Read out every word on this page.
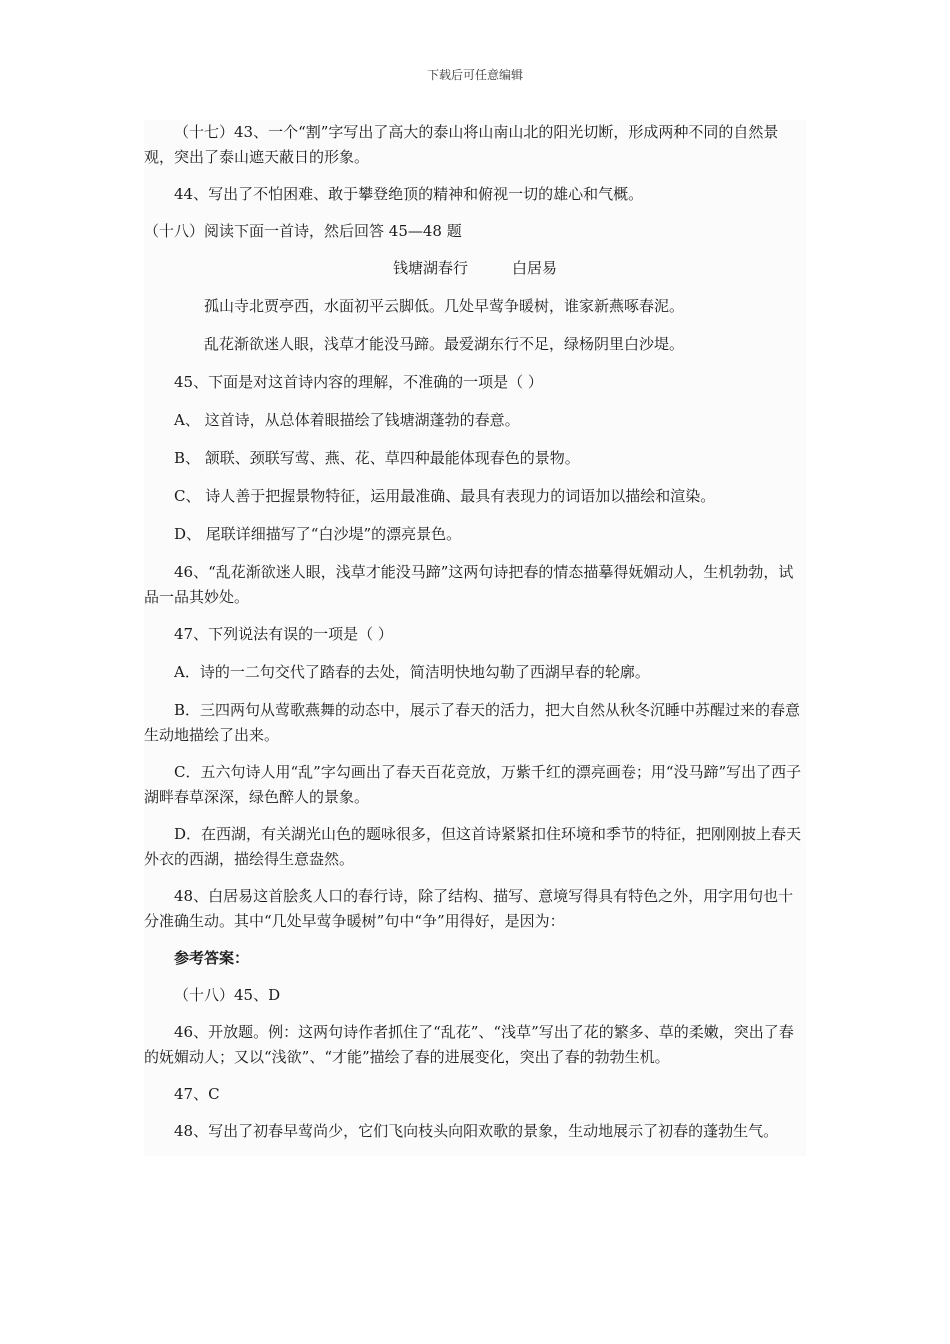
下载后可任意编辑

（十七）43、一个“割”字写出了高大的泰山将山南山北的阳光切断，形成两种不同的自然景观，突出了泰山遮天蔽日的形象。

44、写出了不怕困难、敢于攀登绝顶的精神和俯视一切的雄心和气概。

（十八）阅读下面一首诗，然后回答 45—48 题

钱塘湖春行	白居易

孤山寺北贾亭西，水面初平云脚低。几处早莺争暖树，谁家新燕啄春泥。

乱花渐欲迷人眼，浅草才能没马蹄。最爱湖东行不足，绿杨阴里白沙堤。

45、下面是对这首诗内容的理解，不准确的一项是（ ）

A、 这首诗，从总体着眼描绘了钱塘湖蓬勃的春意。

B、 颔联、颈联写莺、燕、花、草四种最能体现春色的景物。

C、 诗人善于把握景物特征，运用最准确、最具有表现力的词语加以描绘和渲染。

D、 尾联详细描写了“白沙堤”的漂亮景色。

46、“乱花渐欲迷人眼，浅草才能没马蹄”这两句诗把春的情态描摹得妩媚动人，生机勃勃，试品一品其妙处。

47、下列说法有误的一项是（ ）

A．诗的一二句交代了踏春的去处，简洁明快地勾勒了西湖早春的轮廓。

B．三四两句从莺歌燕舞的动态中，展示了春天的活力，把大自然从秋冬沉睡中苏醒过来的春意生动地描绘了出来。

C．五六句诗人用“乱”字勾画出了春天百花竞放，万紫千红的漂亮画卷；用“没马蹄”写出了西子湖畔春草深深，绿色醉人的景象。

D．在西湖，有关湖光山色的题咏很多，但这首诗紧紧扣住环境和季节的特征，把刚刚披上春天外衣的西湖，描绘得生意盎然。

48、白居易这首脍炙人口的春行诗，除了结构、描写、意境写得具有特色之外，用字用句也十分准确生动。其中“几处早莺争暖树”句中“争”用得好，是因为：

参考答案：

（十八）45、D

46、开放题。例：这两句诗作者抓住了“乱花”、“浅草”写出了花的繁多、草的柔嫩，突出了春的妩媚动人；又以“浅欲”、“才能”描绘了春的进展变化，突出了春的勃勃生机。

47、C

48、写出了初春早莺尚少，它们飞向枝头向阳欢歌的景象，生动地展示了初春的蓬勃生气。
